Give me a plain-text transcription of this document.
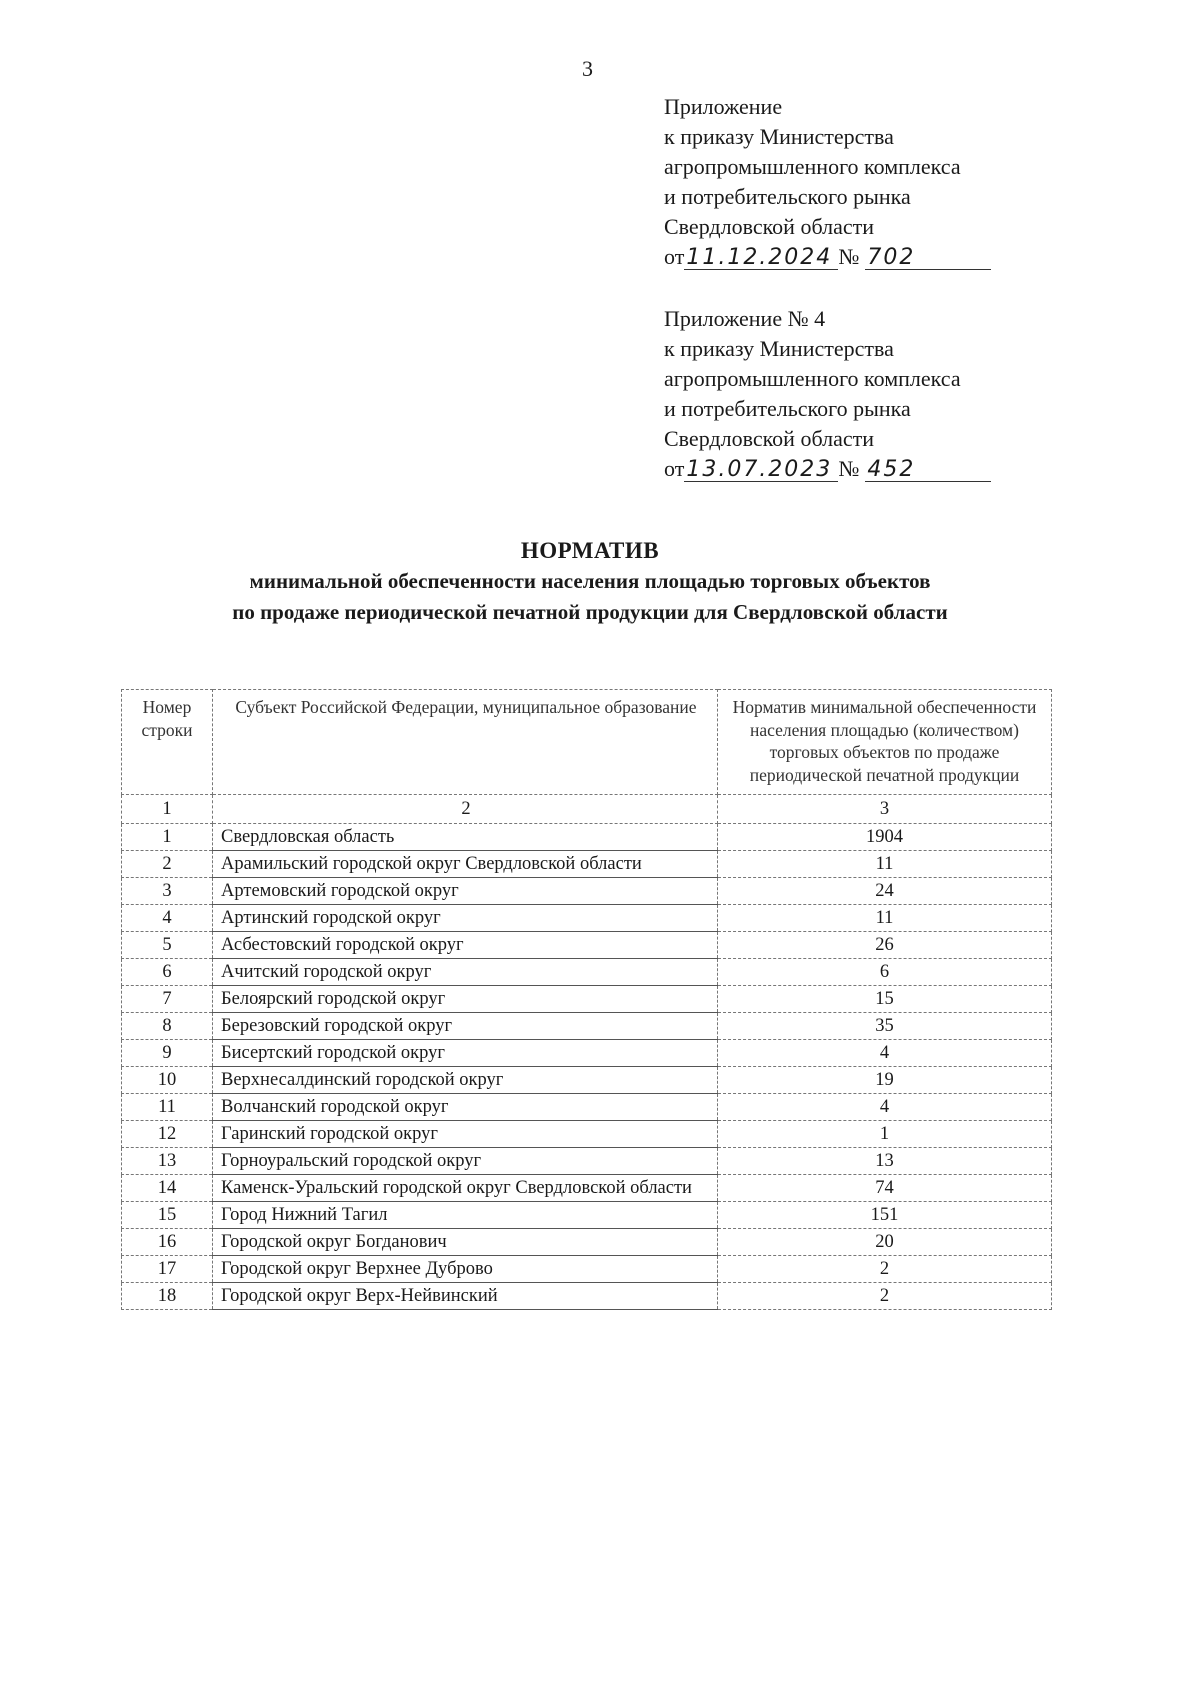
3
Приложение
к приказу Министерства
агропромышленного комплекса
и потребительского рынка
Свердловской области
от 11.12.2024 № 702
Приложение № 4
к приказу Министерства
агропромышленного комплекса
и потребительского рынка
Свердловской области
от 13.07.2023 № 452
НОРМАТИВ
минимальной обеспеченности населения площадью торговых объектов
по продаже периодической печатной продукции для Свердловской области
Номер строки	Субъект Российской Федерации, муниципальное образование	Норматив минимальной обеспеченности населения площадью (количеством) торговых объектов по продаже периодической печатной продукции
1	2	3
1	Свердловская область	1904
2	Арамильский городской округ Свердловской области	11
3	Артемовский городской округ	24
4	Артинский городской округ	11
5	Асбестовский городской округ	26
6	Ачитский городской округ	6
7	Белоярский городской округ	15
8	Березовский городской округ	35
9	Бисертский городской округ	4
10	Верхнесалдинский городской округ	19
11	Волчанский городской округ	4
12	Гаринский городской округ	1
13	Горноуральский городской округ	13
14	Каменск-Уральский городской округ Свердловской области	74
15	Город Нижний Тагил	151
16	Городской округ Богданович	20
17	Городской округ Верхнее Дуброво	2
18	Городской округ Верх-Нейвинский	2
